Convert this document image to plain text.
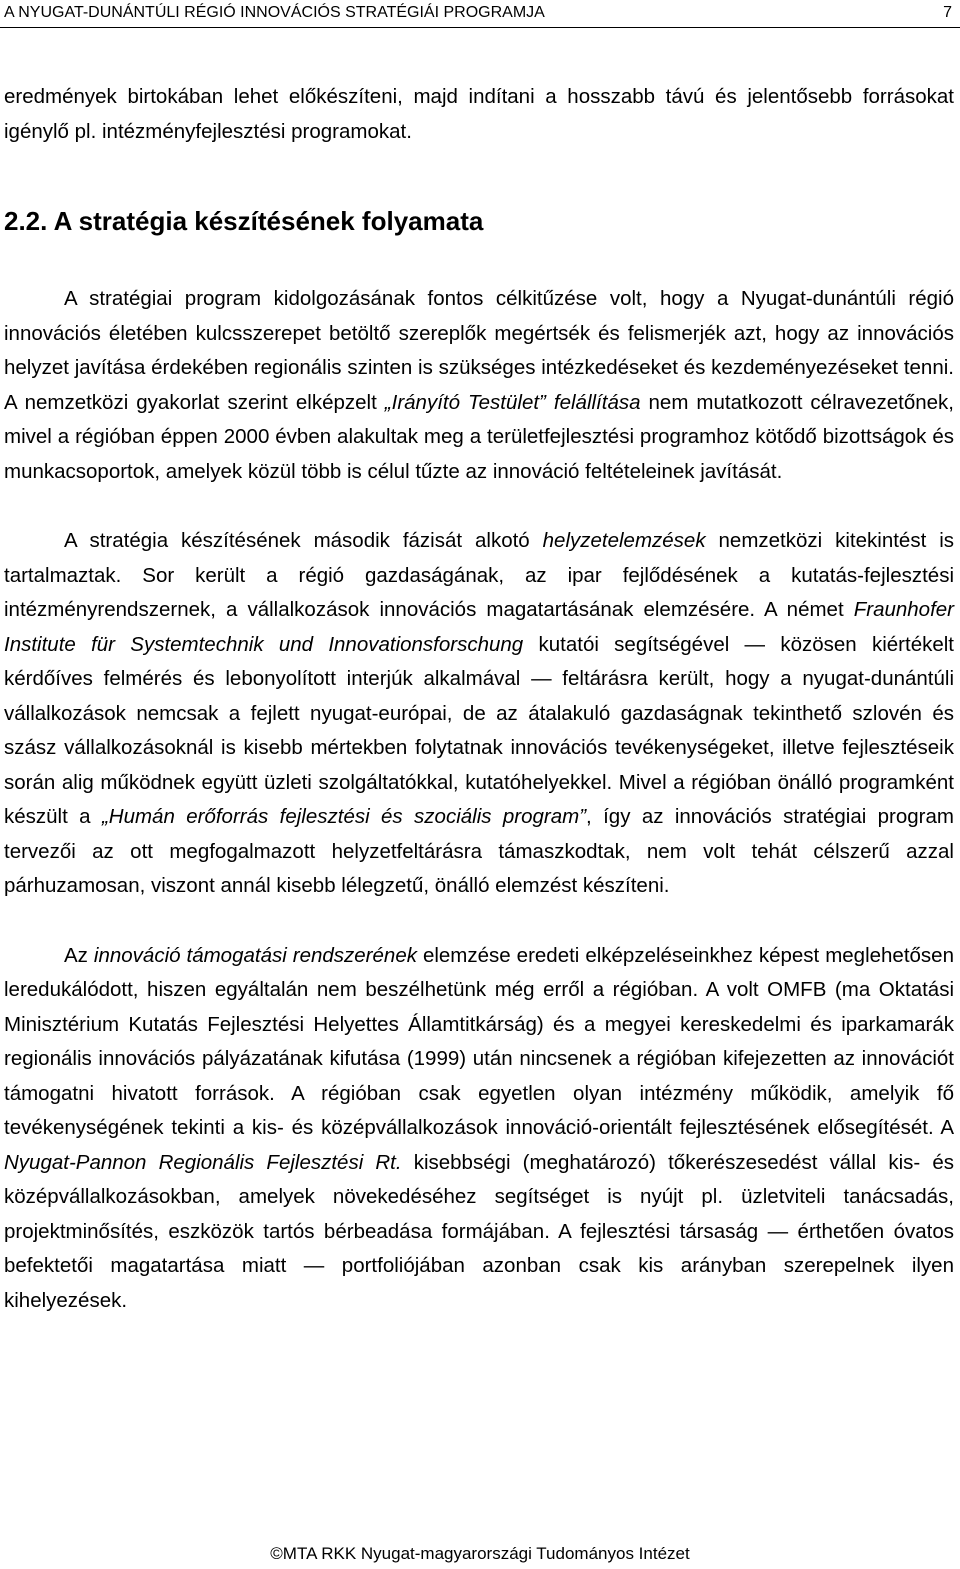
A NYUGAT-DUNÁNTÚLI RÉGIÓ INNOVÁCIÓS STRATÉGIÁI PROGRAMJA	7

eredmények birtokában lehet előkészíteni, majd indítani a hosszabb távú és jelentősebb forrásokat igénylő pl. intézményfejlesztési programokat.

2.2. A stratégia készítésének folyamata

A stratégiai program kidolgozásának fontos célkitűzése volt, hogy a Nyugat-dunántúli régió innovációs életében kulcsszerepet betöltő szereplők megértsék és felismerjék azt, hogy az innovációs helyzet javítása érdekében regionális szinten is szükséges intézkedéseket és kezdeményezéseket tenni. A nemzetközi gyakorlat szerint elképzelt „Irányító Testület” felállítása nem mutatkozott célravezetőnek, mivel a régióban éppen 2000 évben alakultak meg a területfejlesztési programhoz kötődő bizottságok és munkacsoportok, amelyek közül több is célul tűzte az innováció feltételeinek javítását.

A stratégia készítésének második fázisát alkotó helyzetelemzések nemzetközi kitekintést is tartalmaztak. Sor került a régió gazdaságának, az ipar fejlődésének a kutatás-fejlesztési intézményrendszernek, a vállalkozások innovációs magatartásának elemzésére. A német Fraunhofer Institute für Systemtechnik und Innovationsforschung kutatói segítségével — közösen kiértékelt kérdőíves felmérés és lebonyolított interjúk alkalmával — feltárásra került, hogy a nyugat-dunántúli vállalkozások nemcsak a fejlett nyugat-európai, de az átalakuló gazdaságnak tekinthető szlovén és szász vállalkozásoknál is kisebb mértekben folytatnak innovációs tevékenységeket, illetve fejlesztéseik során alig működnek együtt üzleti szolgáltatókkal, kutatóhelyekkel. Mivel a régióban önálló programként készült a „Humán erőforrás fejlesztési és szociális program”, így az innovációs stratégiai program tervezői az ott megfogalmazott helyzetfeltárásra támaszkodtak, nem volt tehát célszerű azzal párhuzamosan, viszont annál kisebb lélegzetű, önálló elemzést készíteni.

Az innováció támogatási rendszerének elemzése eredeti elképzeléseinkhez képest meglehetősen leredukálódott, hiszen egyáltalán nem beszélhetünk még erről a régióban. A volt OMFB (ma Oktatási Minisztérium Kutatás Fejlesztési Helyettes Államtitkárság) és a megyei kereskedelmi és iparkamarák regionális innovációs pályázatának kifutása (1999) után nincsenek a régióban kifejezetten az innovációt támogatni hivatott források. A régióban csak egyetlen olyan intézmény működik, amelyik fő tevékenységének tekinti a kis- és középvállalkozások innováció-orientált fejlesztésének elősegítését. A Nyugat-Pannon Regionális Fejlesztési Rt. kisebbségi (meghatározó) tőkerészesedést vállal kis- és középvállalkozásokban, amelyek növekedéséhez segítséget is nyújt pl. üzletviteli tanácsadás, projektminősítés, eszközök tartós bérbeadása formájában. A fejlesztési társaság — érthetően óvatos befektetői magatartása miatt — portfoliójában azonban csak kis arányban szerepelnek ilyen kihelyezések.

©MTA RKK Nyugat-magyarországi Tudományos Intézet
